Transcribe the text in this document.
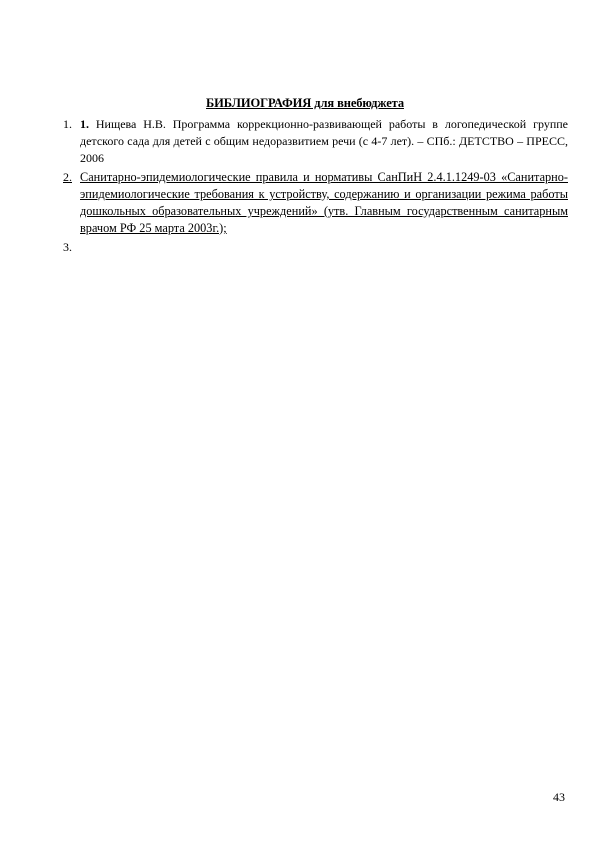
БИБЛИОГРАФИЯ для внебюджета
1. 1. Нищева Н.В. Программа коррекционно-развивающей работы в логопедической группе детского сада для детей с общим недоразвитием речи (с 4-7 лет). – СПб.: ДЕТСТВО – ПРЕСС, 2006
2. Санитарно-эпидемиологические правила и нормативы СанПиН 2.4.1.1249-03 «Санитарно-эпидемиологические требования к устройству, содержанию и организации режима работы дошкольных образовательных учреждений» (утв. Главным государственным санитарным врачом РФ 25 марта 2003г.);
3.
43
